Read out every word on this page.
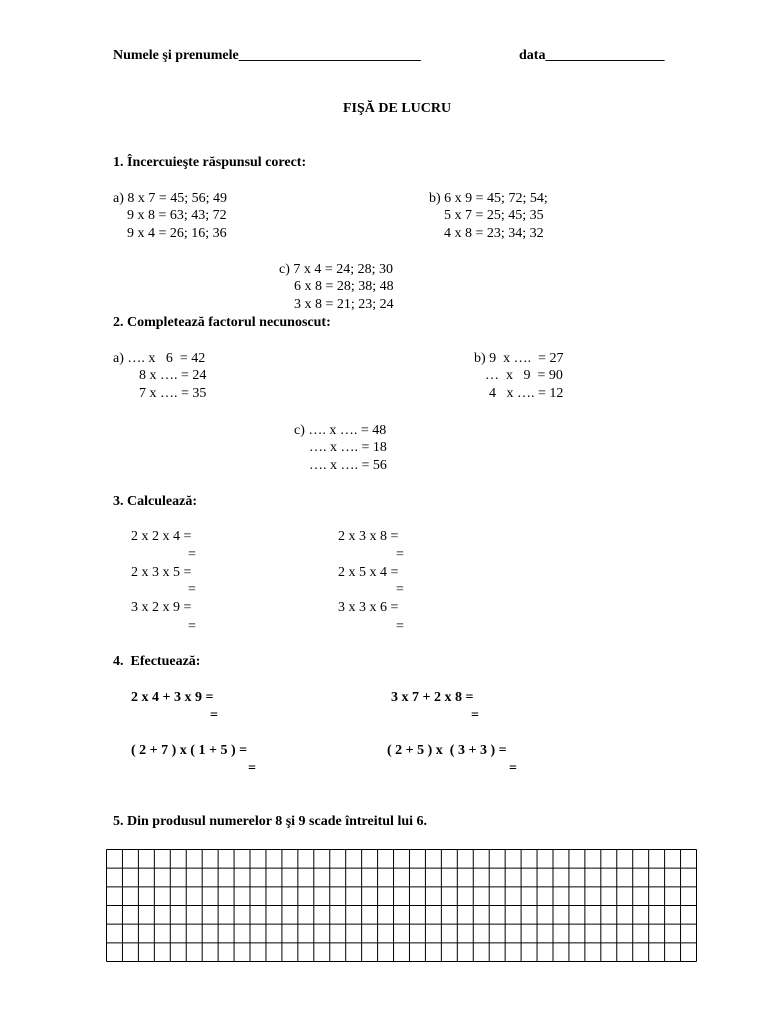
Numele şi prenumele__________________________	data_________________
FIŞĂ DE LUCRU
1. Încercuieşte răspunsul corect:
a) 8 x 7 = 45; 56; 49
9 x 8 = 63; 43; 72
9 x 4 = 26; 16; 36
b) 6 x 9 = 45; 72; 54;
5 x 7 = 25; 45; 35
4 x 8 = 23; 34; 32
c) 7 x 4 = 24; 28; 30
6 x 8 = 28; 38; 48
3 x 8 = 21; 23; 24
2. Completează factorul necunoscut:
a) …. x   6  = 42
8 x …. = 24
7 x …. = 35
b) 9  x ….  = 27
…  x   9  = 90
4   x …. = 12
c) …. x …. = 48
…. x …. = 18
…. x …. = 56
3. Calculează:
2 x 2 x 4 =
=
2 x 3 x 5 =
=
3 x 2 x 9 =
=
2 x 3 x 8 =
=
2 x 5 x 4 =
=
3 x 3 x 6 =
=
4.  Efectuează:
2 x 4 + 3 x 9 =
=
3 x 7 + 2 x 8 =
=
( 2 + 7 ) x ( 1 + 5 ) =
=
( 2 + 5 ) x  ( 3 + 3 ) =
=
5. Din produsul numerelor 8 şi 9 scade întreitul lui 6.
